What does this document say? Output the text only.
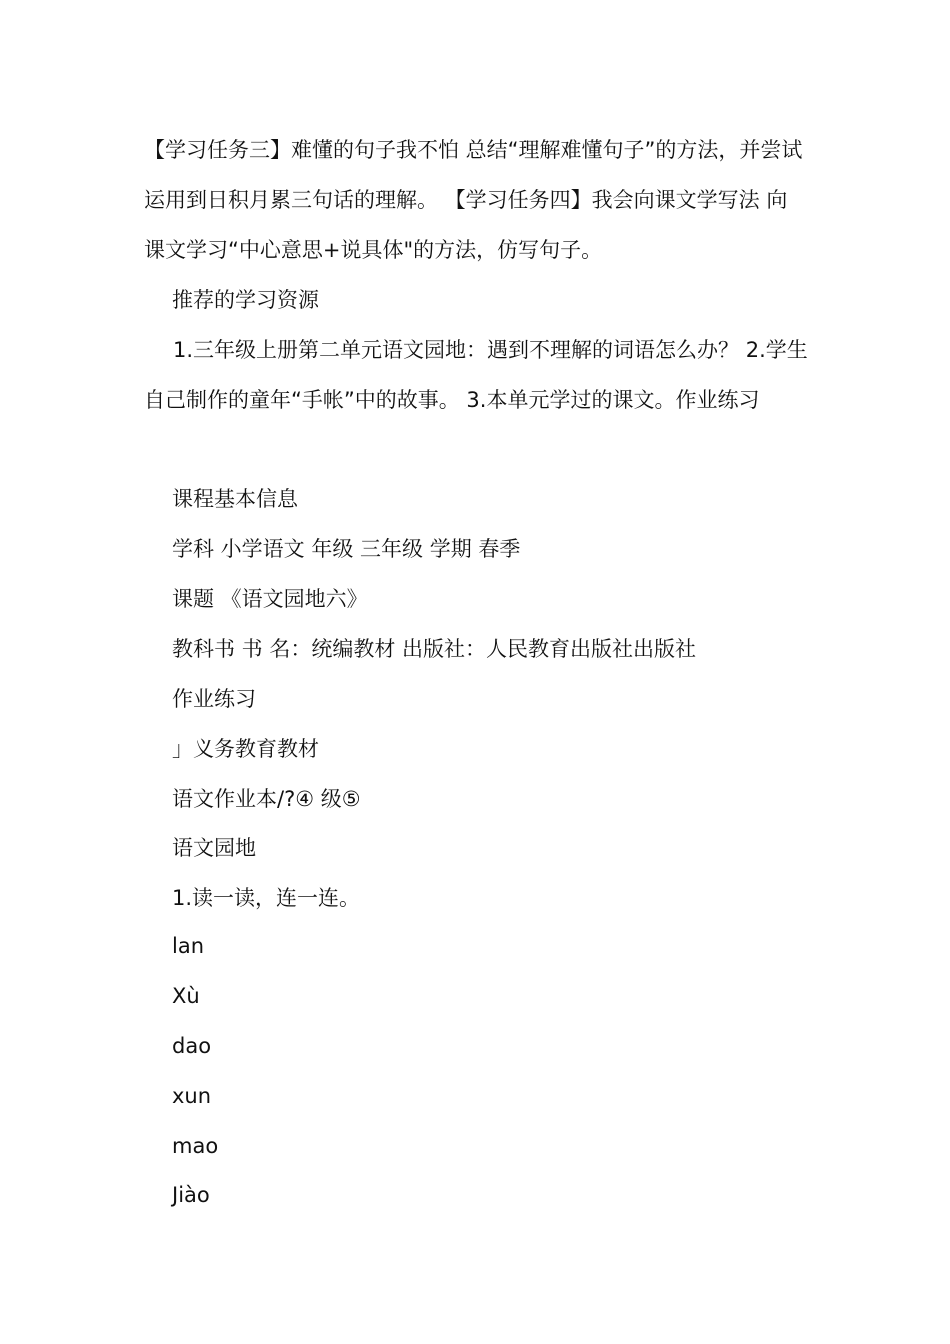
【学习任务三】难懂的句子我不怕 总结“理解难懂句子”的方法，并尝试运用到日积月累三句话的理解。 【学习任务四】我会向课文学写法 向课文学习“中心意思+说具体"的方法，仿写句子。

推荐的学习资源

1.三年级上册第二单元语文园地：遇到不理解的词语怎么办？ 2.学生自己制作的童年“手帐”中的故事。 3.本单元学过的课文。作业练习

课程基本信息

学科 小学语文 年级 三年级 学期 春季

课题 《语文园地六》

教科书 书 名：统编教材 出版社：人民教育出版社出版社

作业练习

」义务教育教材

语文作业本/?④ 级⑤

语文园地

1.读一读，连一连。

lan

Xù

dao

xun

mao

Jiào
